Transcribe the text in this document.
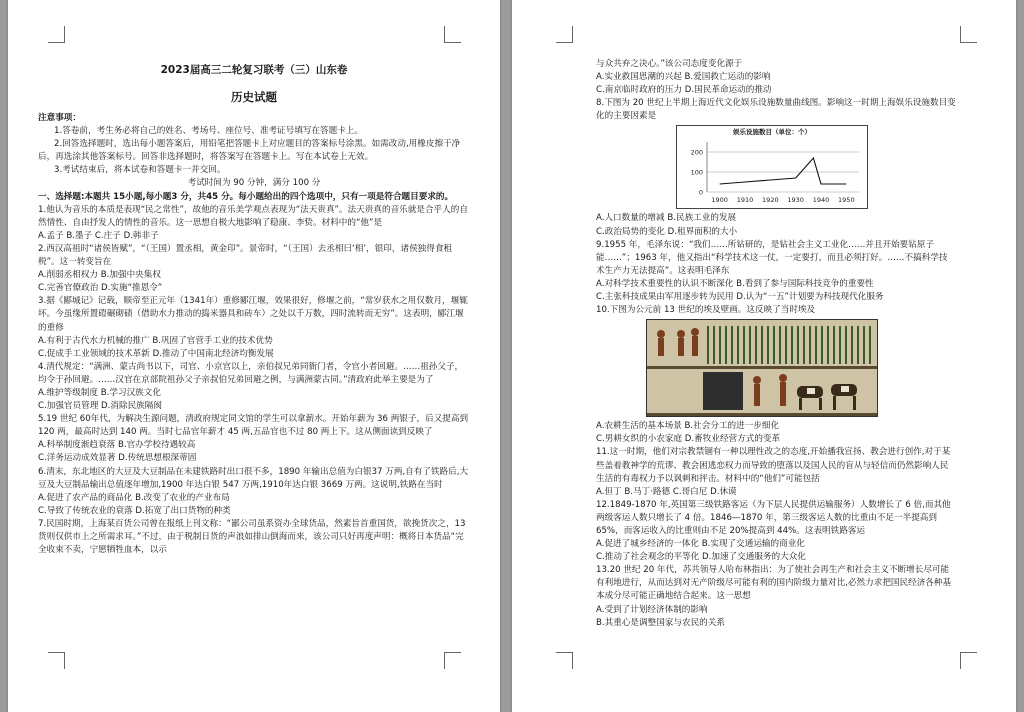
2023届高三二轮复习联考（三）山东卷

历史试题

注意事项：

1.答卷前，考生务必将自己的姓名、考场号、座位号、准考证号填写在答题卡上。

2.回答选择题时，选出每小题答案后，用铅笔把答题卡上对应题目的答案标号涂黑。如需改动,用橡皮擦干净后，再选涂其他答案标号。回答非选择题时，将答案写在答题卡上。写在本试卷上无效。

3.考试结束后，将本试卷和答题卡一并交回。

考试时间为 90 分钟，满分 100 分

一、选择题:本题共 15小题,每小题3 分，共45 分。每小题给出的四个选项中，只有一项是符合题目要求的。

1.他认为音乐的本质是表现“民之常性”，故他的音乐美学观点表现为“法天贵真”。法天贵真的音乐就是合乎人的自然情性、自由抒发人的情性的音乐。这一思想自极大地影响了稳康、李贽。材料中的“他”是

A.孟子 B.墨子 C.庄子 D.韩非子

2.西汉高祖时“诸侯皆赋”，“（王国）置丞相，黄金印”。景帝时，“（王国）去丞相曰‘相’，银印，诸侯独得食租税”。这一转变旨在

A.削弱丞相权力 B.加强中央集权
C.完善官僚政治 D.实施“推恩令”

3.据《郾城记》记载，顺帝至正元年（1341年）重修郾江堰，效果很好，修堰之前，“常岁获水之用仅数月，堰辄坏。今虽缘所置磑碾砌碛（借助水力推动的捣米器具和砖车）之处以千万数，四时流转而无穷”。这表明，郾江堰的重修

A.有利于古代水力机械的推广 B.巩固了官营手工业的技术优势
C.促成手工业领域的技术革新 D.推动了中国南北经济均衡发展

4.清代规定：“满洲、蒙古尚书以下，司官、小京官以上，亲伯叔兄弟同衙门者，令官小者回避。……祖孙父子，均令于孙回避。……汉官在京部院祖孙父子亲叔伯兄弟回避之例，与满洲蒙古同。”清政府此举主要是为了

A.维护等级制度 B.学习汉族文化
C.加强官员管理 D.消除民族隔阂

5.19 世纪 60年代，为解决生源问题，清政府规定同文馆的学生可以拿薪水。开始年薪为 36 两银子，后又提高到 120 两，最高时达到 140 两。当时七品官年薪才 45 两,五品官也不过 80 两上下。这从侧面读到反映了

A.科举制度渐趋衰落 B.官办学校待遇较高
C.洋务运动成效显著 D.传统思想根深蒂固

6.清末，东北地区的大豆及大豆制品在未建铁路时出口很不多，1890 年输出总值为白银37 万两,自有了铁路后,大豆及大豆制品输出总值逐年增加,1900 年达白银 547 万两,1910年达白银 3669 万两。这说明,铁路在当时

A.促进了农产品的商品化 B.改变了农业的产业布局
C.导致了传统农业的衰落 D.拓宽了出口货物的种类

7.民国时期，上海某百货公司曾在报纸上刊文称：“鄙公司虽系资办全球货品，然素旨首重国货，欲挽货次之，13 货则仅供市上之所需求耳。”不过，由于税制日货的声浪如排山倒海而来，该公司只好再度声明：概将日本货品“完全收束不卖，宁愿牺牲血本，以示

与众共弃之决心。”该公司态度变化源于

A.实业救国思潮的兴起 B.爱国救亡运动的影响
C.南京临时政府的压力 D.国民革命运动的推动

8.下图为 20 世纪上半期上海近代文化娱乐设施数量曲线图。影响这一时期上海娱乐设施数目变化的主要因素是

娱乐设施数目（单位：个）
0
100
200
1900 1910 1920 1930 1940 1950

A.人口数量的增减 B.民族工业的发展
C.政治局势的变化 D.租界面积的大小

9.1955 年，毛泽东说：“我们……所钻研的，是钻社会主义工业化……并且开始要钻原子能……”；1963 年，他又指出“科学技术这一仗，一定要打，而且必须打好。……不搞科学技术生产力无法提高”。这表明毛泽东

A.对科学技术重要性的认识不断深化 B.看到了参与国际科技竞争的重要性
C.主张科技成果由军用逐步转为民用 D.认为“一五”计划要为科技现代化服务

10.下图为公元前 13 世纪的埃及壁画。这反映了当时埃及

A.农耕生活的基本场景 B.社会分工的进一步细化
C.男耕女织的小农家庭 D.畜牧业经营方式的变革

11.这一时期，他们对宗教禁锢有一种以理性改之的态度,开始播我宣扬、教会进行创作,对于某些盖着教神学的荒谬、教会困逃恋权力而导致的堕落以及国人民的盲从与轻信而仍然影响人民生活的有毒权力予以讽刺和抨击。材料中的“他们”可能包括

A.但丁 B.马丁·路德 C.哥白尼 D.休谟

12.1849-1870 年,英国第三级铁路客运（为下层人民提供运输服务）人数增长了 6 倍,而其他两级客运人数只增长了 4 倍。1846—1870 年，第三级客运人数的比重由不足一半提高到 65%，而客运收入的比重则由不足 20%提高到 44%。这表明铁路客运

A.促进了城乡经济的一体化 B.实现了交通运输的商业化
C.推动了社会观念的平等化 D.加速了交通服务的大众化

13.20 世纪 20 年代，苏共领导人哈布林指出：为了使社会再生产和社会主义不断增长尽可能有利地进行，从而达到对无产阶级尽可能有利的国内阶级力量对比,必然力求把国民经济各种基本成分尽可能正确地结合起来。这一思想

A.受到了计划经济体制的影响
B.其重心是调整国家与农民的关系
